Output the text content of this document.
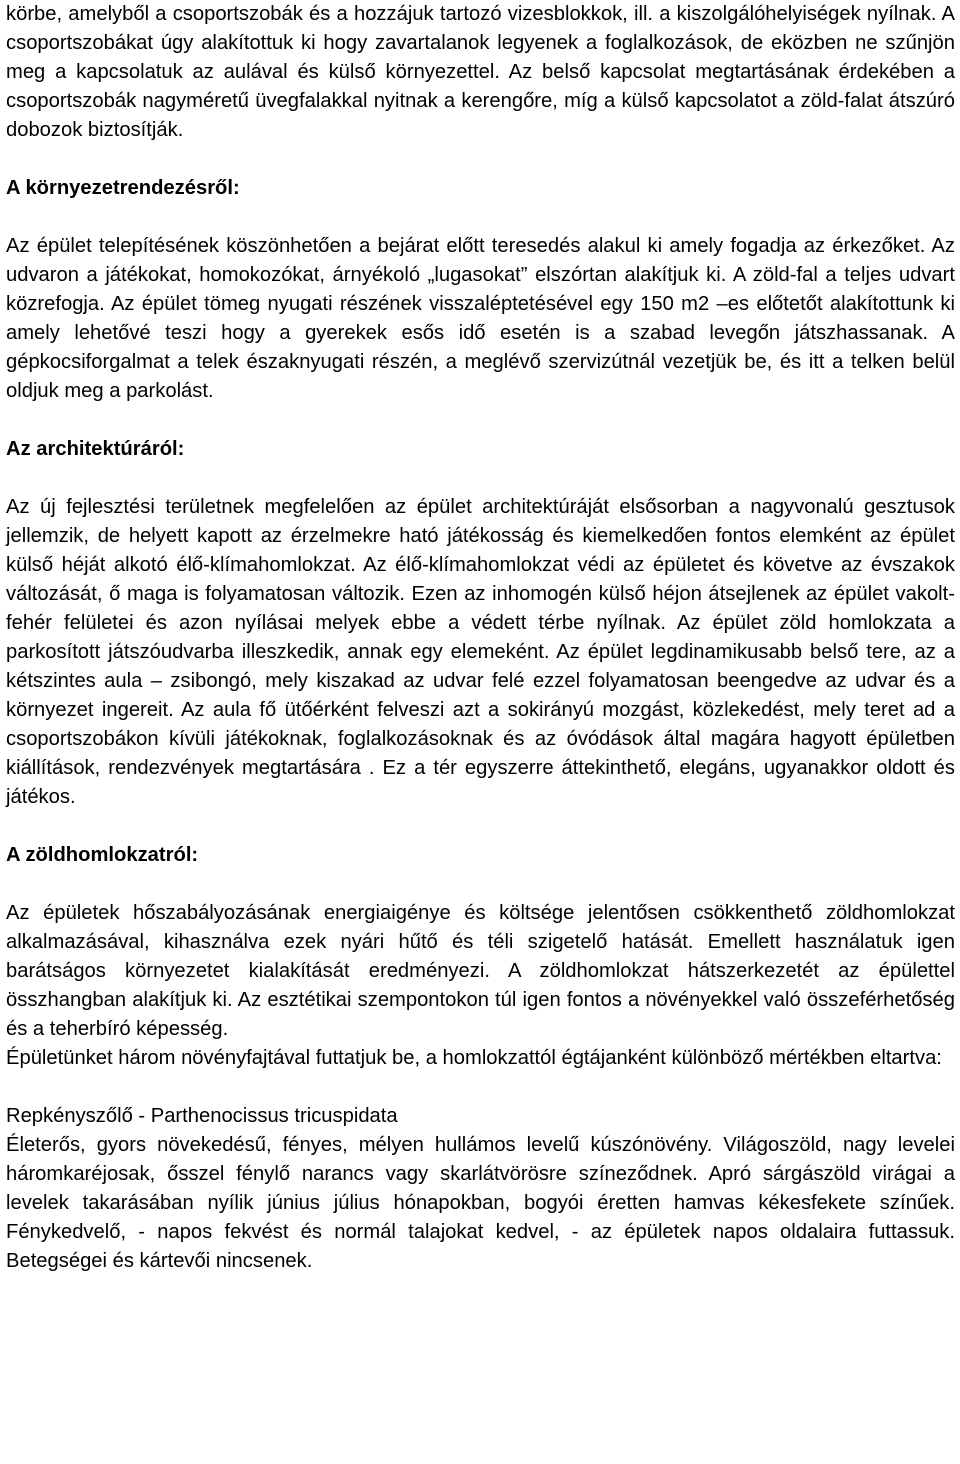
körbe, amelyből a csoportszobák és a hozzájuk tartozó vizesblokkok, ill. a kiszolgálóhelyiségek nyílnak. A csoportszobákat úgy alakítottuk ki hogy zavartalanok legyenek a foglalkozások, de eközben ne szűnjön meg a kapcsolatuk az aulával és külső környezettel. Az belső kapcsolat megtartásának érdekében a csoportszobák nagyméretű üvegfalakkal nyitnak a kerengőre, míg a külső kapcsolatot a zöld-falat átszúró dobozok biztosítják.

A környezetrendezésről:

Az épület telepítésének köszönhetően a bejárat előtt teresedés alakul ki amely fogadja az érkezőket. Az udvaron a játékokat, homokozókat, árnyékoló „lugasokat” elszórtan alakítjuk ki. A zöld-fal a teljes udvart közrefogja. Az épület tömeg nyugati részének visszaléptetésével egy 150 m2 –es előtetőt alakítottunk ki amely lehetővé teszi hogy a gyerekek esős idő esetén is a szabad levegőn játszhassanak. A gépkocsiforgalmat a telek északnyugati részén, a meglévő szervizútnál vezetjük be, és itt a telken belül oldjuk meg a parkolást.

Az architektúráról:

Az új fejlesztési területnek megfelelően az épület architektúráját elsősorban a nagyvonalú gesztusok jellemzik, de helyett kapott az érzelmekre ható játékosság és kiemelkedően fontos elemként az épület külső héját alkotó élő-klímahomlokzat. Az élő-klímahomlokzat védi az épületet és követve az évszakok változását, ő maga is folyamatosan változik. Ezen az inhomogén külső héjon átsejlenek az épület vakolt-fehér felületei és azon nyílásai melyek ebbe a védett térbe nyílnak. Az épület zöld homlokzata a parkosított játszóudvarba illeszkedik, annak egy elemeként. Az épület legdinamikusabb belső tere, az a kétszintes aula – zsibongó, mely kiszakad az udvar felé ezzel folyamatosan beengedve az udvar és a környezet ingereit. Az aula fő ütőérként felveszi azt a sokirányú mozgást, közlekedést, mely teret ad a csoportszobákon kívüli játékoknak, foglalkozásoknak és az óvódások által magára hagyott épületben kiállítások, rendezvények megtartására . Ez a tér egyszerre áttekinthető, elegáns, ugyanakkor oldott és játékos.

A zöldhomlokzatról:

Az épületek hőszabályozásának energiaigénye és költsége jelentősen csökkenthető zöldhomlokzat alkalmazásával, kihasználva ezek nyári hűtő és téli szigetelő hatását. Emellett használatuk igen barátságos környezetet kialakítását eredményezi. A zöldhomlokzat hátszerkezetét az épülettel összhangban alakítjuk ki. Az esztétikai szempontokon túl igen fontos a növényekkel való összeférhetőség és a teherbíró képesség.

Épületünket három növényfajtával futtatjuk be, a homlokzattól égtájanként különböző mértékben eltartva:

Repkényszőlő - Parthenocissus tricuspidata

Életerős, gyors növekedésű, fényes, mélyen hullámos levelű kúszónövény. Világoszöld, nagy levelei háromkaréjosak, ősszel fénylő narancs vagy skarlátvörösre színeződnek. Apró sárgászöld virágai a levelek takarásában nyílik június július hónapokban, bogyói éretten hamvas kékesfekete színűek. Fénykedvelő, - napos fekvést és normál talajokat kedvel, - az épületek napos oldalaira futtassuk. Betegségei és kártevői nincsenek.
